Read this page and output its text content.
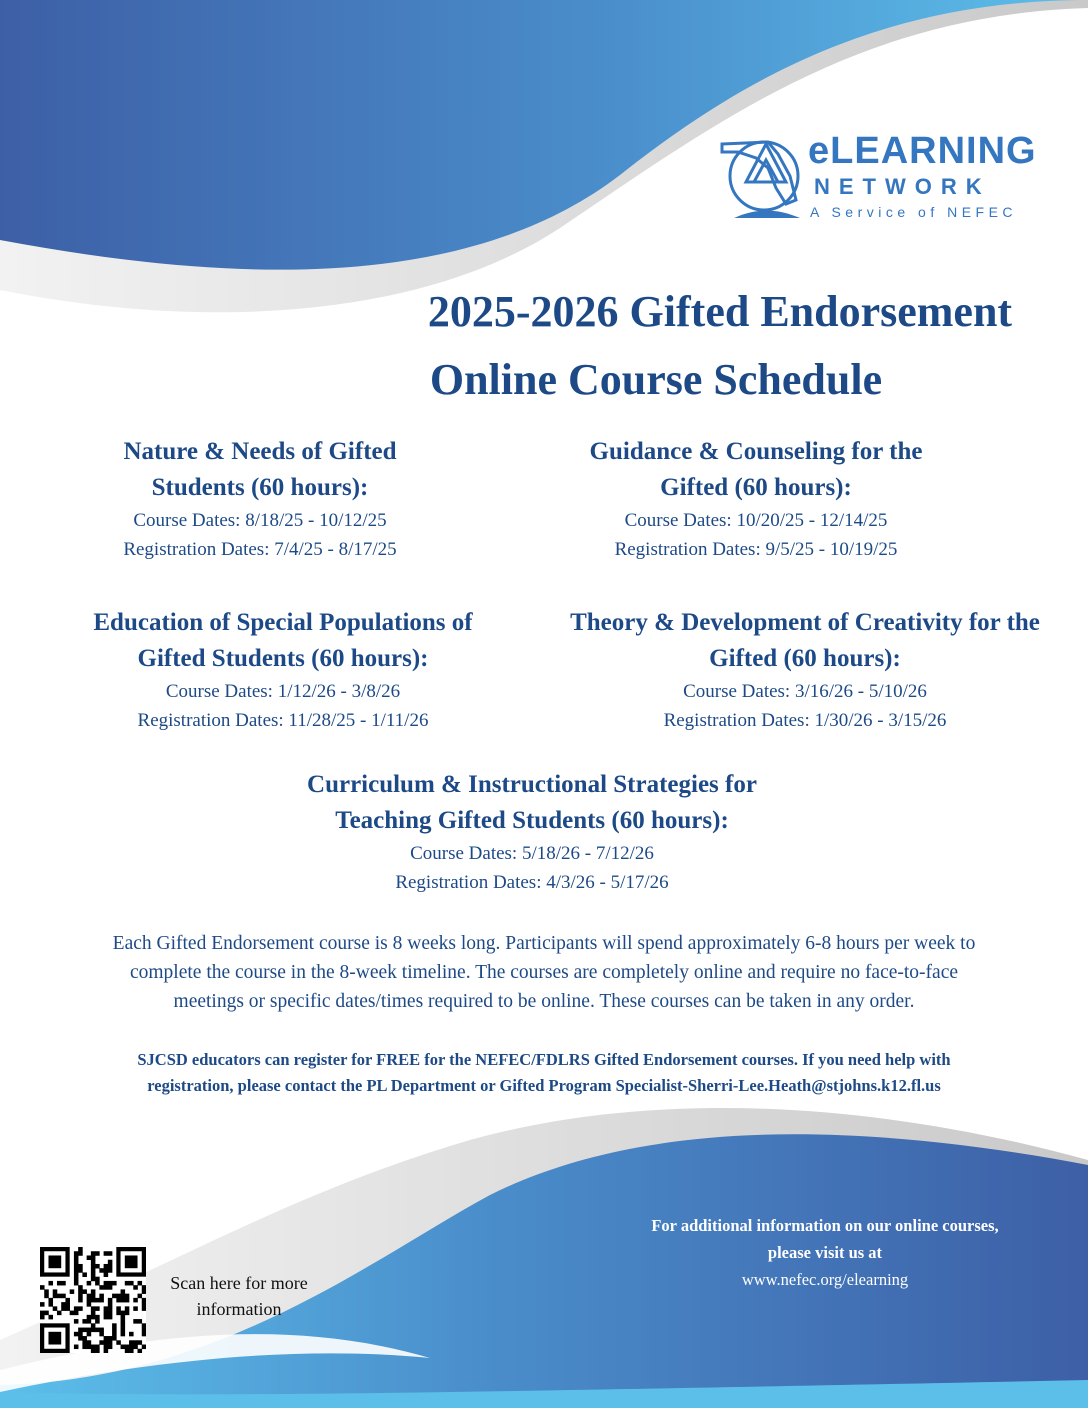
eLEARNING
NETWORK
A Service of NEFEC
2025-2026 Gifted Endorsement
Online Course Schedule
Nature & Needs of Gifted
Students (60 hours):

Course Dates: 8/18/25 - 10/12/25

Registration Dates: 7/4/25 - 8/17/25

Guidance & Counseling for the
Gifted (60 hours):

Course Dates: 10/20/25 - 12/14/25

Registration Dates: 9/5/25 - 10/19/25

Education of Special Populations of
Gifted Students (60 hours):

Course Dates: 1/12/26 - 3/8/26

Registration Dates: 11/28/25 - 1/11/26

Theory & Development of Creativity for the
Gifted (60 hours):

Course Dates: 3/16/26 - 5/10/26

Registration Dates: 1/30/26 - 3/15/26

Curriculum & Instructional Strategies for
Teaching Gifted Students (60 hours):

Course Dates: 5/18/26 - 7/12/26

Registration Dates: 4/3/26 - 5/17/26

Each Gifted Endorsement course is 8 weeks long. Participants will spend approximately 6-8 hours per week to
complete the course in the 8-week timeline. The courses are completely online and require no face-to-face
meetings or specific dates/times required to be online. These courses can be taken in any order.
SJCSD educators can register for FREE for the NEFEC/FDLRS Gifted Endorsement courses. If you need help with
registration, please contact the PL Department or Gifted Program Specialist-Sherri-Lee.Heath@stjohns.k12.fl.us
For additional information on our online courses,
please visit us at
www.nefec.org/elearning
Scan here for more
information
